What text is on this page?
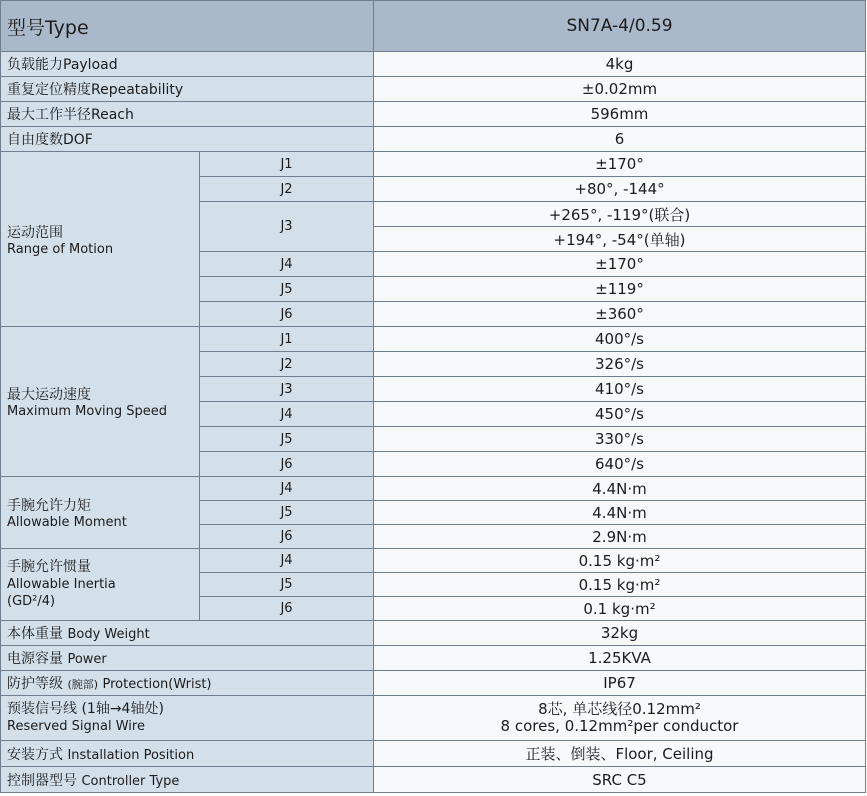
型号Type		SN7A-4/0.59
负载能力Payload		4kg
重复定位精度Repeatability		±0.02mm
最大工作半径Reach		596mm
自由度数DOF		6

运动范围
Range of Motion	J1	±170°
	J2	+80°, -144°
	J3	+265°, -119°(联合)
		+194°, -54°(单轴)
	J4	±170°
	J5	±119°
	J6	±360°

最大运动速度
Maximum Moving Speed	J1	400°/s
	J2	326°/s
	J3	410°/s
	J4	450°/s
	J5	330°/s
	J6	640°/s

手腕允许力矩
Allowable Moment	J4	4.4N·m
	J5	4.4N·m
	J6	2.9N·m

手腕允许惯量
Allowable Inertia
(GD²/4)	J4	0.15 kg·m²
	J5	0.15 kg·m²
	J6	0.1 kg·m²
本体重量 Body Weight		32kg
电源容量 Power		1.25KVA
防护等级 (腕部) Protection(Wrist)		IP67

预装信号线 (1轴→4轴处)
Reserved Signal Wire		8芯, 单芯线径0.12mm²
8 cores, 0.12mm²per conductor

安装方式 Installation Position		正装、倒装、Floor, Ceiling
控制器型号 Controller Type		SRC C5
